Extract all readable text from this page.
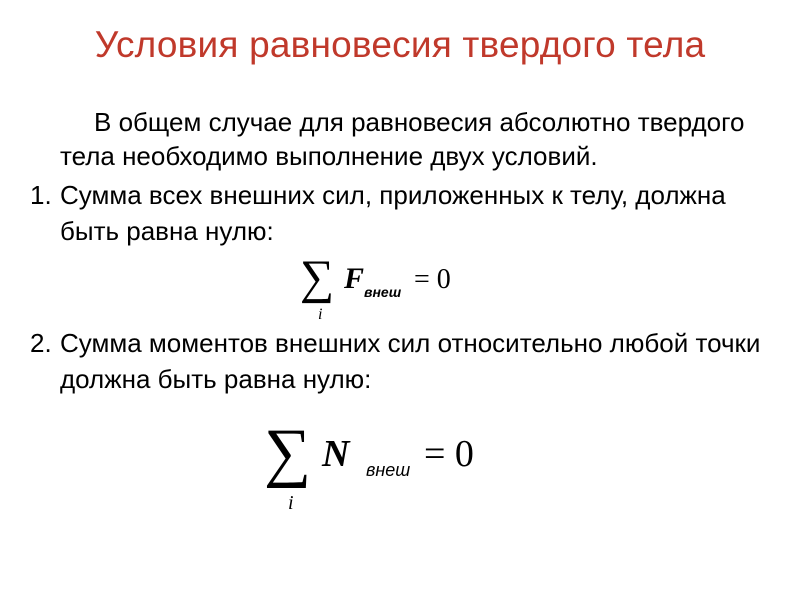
Условия равновесия твердого тела
В общем случае для равновесия абсолютно твердого тела необходимо выполнение двух условий.
1. Сумма всех внешних сил, приложенных к телу, должна быть равна нулю:
∑
i
F внеш = 0
2. Сумма моментов внешних сил относительно любой точки должна быть равна нулю:
∑
i
N внеш = 0
